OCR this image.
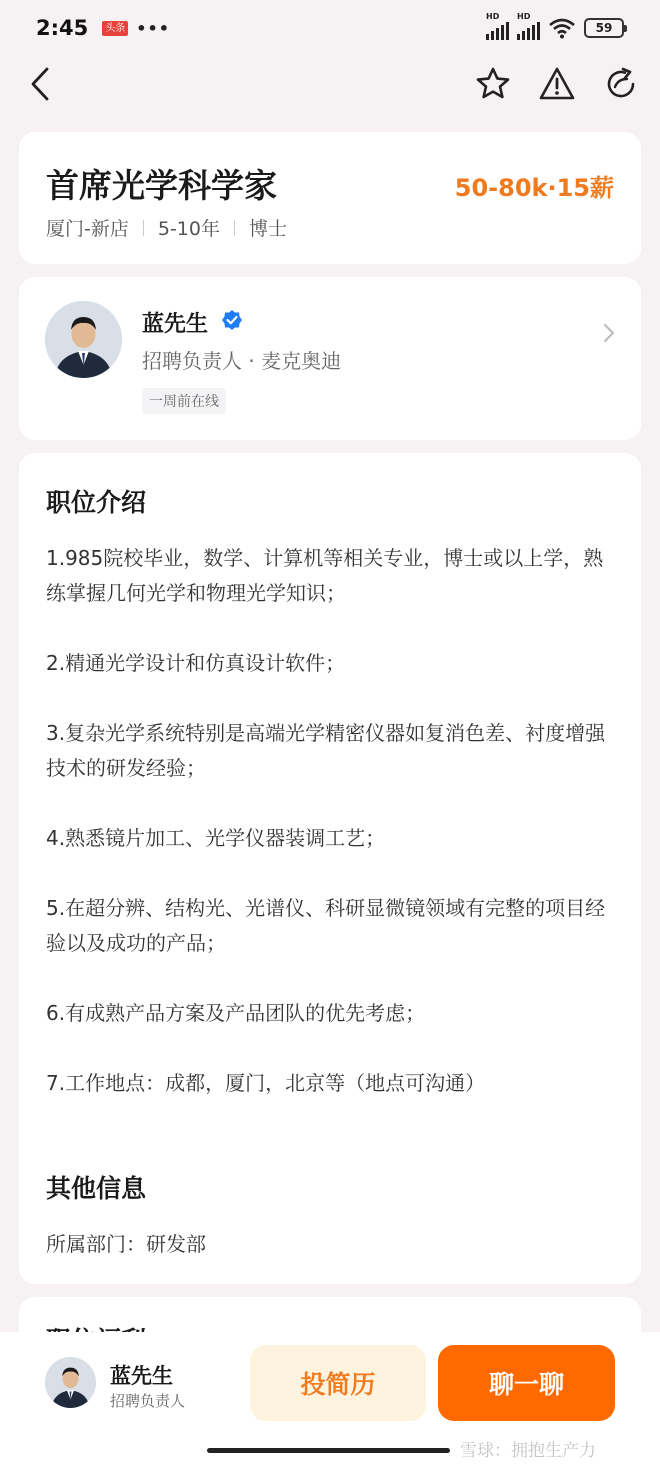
2:45	头条 •••
HD HD
59
首席光学科学家	50-80k·15薪
厦门-新店 5-10年 博士
蓝先生
招聘负责人 · 麦克奥迪
一周前在线
职位介绍

1.985院校毕业，数学、计算机等相关专业，博士或以上学，熟练掌握几何光学和物理光学知识；

2.精通光学设计和仿真设计软件；

3.复杂光学系统特别是高端光学精密仪器如复消色差、衬度增强技术的研发经验；

4.熟悉镜片加工、光学仪器装调工艺；

5.在超分辨、结构光、光谱仪、科研显微镜领域有完整的项目经验以及成功的产品；

6.有成熟产品方案及产品团队的优先考虑；

7.工作地点：成都，厦门，北京等（地点可沟通）

其他信息
所属部门：研发部
蓝先生
招聘负责人
投简历	聊一聊
雪球：拥抱生产力
